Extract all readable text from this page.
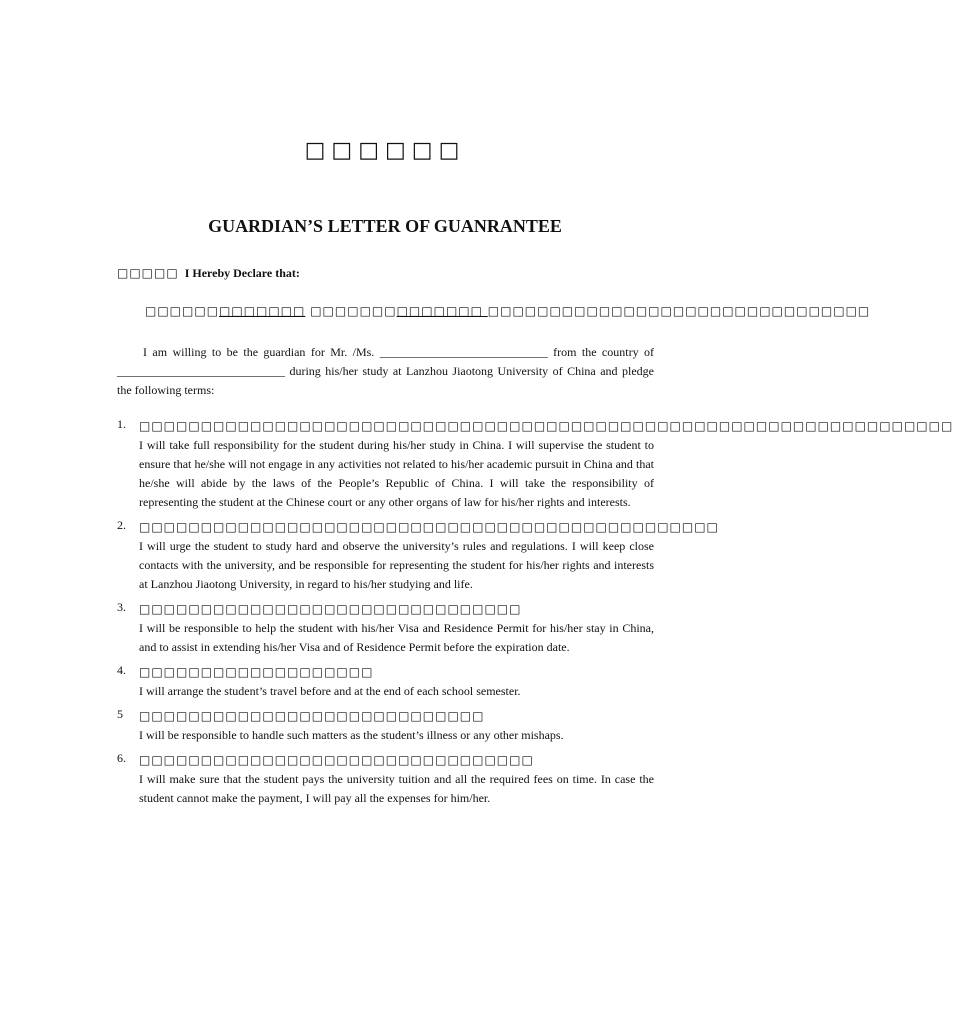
□□□□□□
GUARDIAN’S LETTER OF GUANRANTEE
□□□□□ I Hereby Declare that:
□□□□□□□□□□□□□ □□□□□□□□□□□□□□ □□□□□□□□□□□□□□□□□□□□□□□□□□□□□□□
I am willing to be the guardian for Mr. /Ms. ____________________________ from the country of ____________________________ during his/her study at Lanzhou Jiaotong University of China and pledge the following terms:
1. □□□□□□□□□□□□□□□□□□□□□□□□□□□□□□□□□□□□□□□□□□□□□□□□□□□□□□□□□□□□□□□□□□
I will take full responsibility for the student during his/her study in China. I will supervise the student to ensure that he/she will not engage in any activities not related to his/her academic pursuit in China and that he/she will abide by the laws of the People’s Republic of China. I will take the responsibility of representing the student at the Chinese court or any other organs of law for his/her rights and interests.
2. □□□□□□□□□□□□□□□□□□□□□□□□□□□□□□□□□□□□□□□□□□□□□□□
I will urge the student to study hard and observe the university’s rules and regulations. I will keep close contacts with the university, and be responsible for representing the student for his/her rights and interests at Lanzhou Jiaotong University, in regard to his/her studying and life.
3. □□□□□□□□□□□□□□□□□□□□□□□□□□□□□□□
I will be responsible to help the student with his/her Visa and Residence Permit for his/her stay in China, and to assist in extending his/her Visa and of Residence Permit before the expiration date.
4. □□□□□□□□□□□□□□□□□□□
I will arrange the student’s travel before and at the end of each school semester.
5 □□□□□□□□□□□□□□□□□□□□□□□□□□□□
I will be responsible to handle such matters as the student’s illness or any other mishaps.
6. □□□□□□□□□□□□□□□□□□□□□□□□□□□□□□□□
I will make sure that the student pays the university tuition and all the required fees on time. In case the student cannot make the payment, I will pay all the expenses for him/her.
